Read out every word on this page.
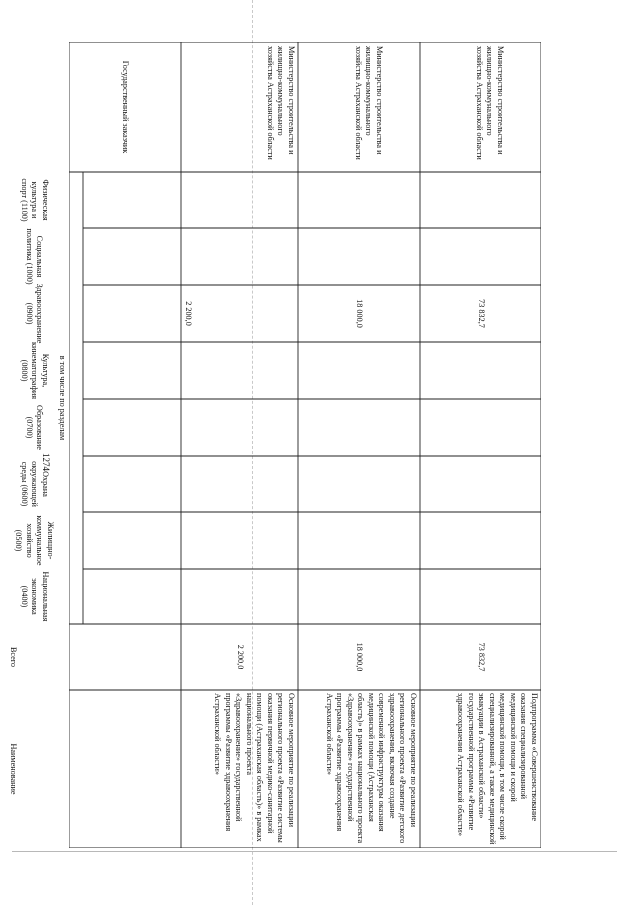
1274
Государственный заказчик
Физическая культура и спорт (1100)
Социальная политика (1000)
Здравоохранение (0900)
Культура, кинематография (0800)
Образование (0700)
Охрана окружающей среды (0600)
Жилищно-коммунальное хозяйство (0500)
Национальная экономика (0400)
в том числе по разделам
Всего
Наименование
Министерство строительства и жилищно-коммунального хозяйства Астраханской области
2 200,0
2 200,0
Основное мероприятие по реализации регионального проекта «Развитие системы оказания первичной медико-санитарной помощи (Астраханская область)» в рамках национального проекта «Здравоохранение» государственной программы «Развитие здравоохранения Астраханской области»
Министерство строительства и жилищно-коммунального хозяйства Астраханской области
18 000,0
18 000,0
Основное мероприятие по реализации регионального проекта «Развитие детского здравоохранения, включая создание современной инфраструктуры оказания медицинской помощи (Астраханская область)» в рамках национального проекта «Здравоохранение» государственной программы «Развитие здравоохранения Астраханской области»
Министерство строительства и жилищно-коммунального хозяйства Астраханской области
73 832,7
73 832,7
Подпрограмма «Совершенствование оказания специализированной медицинской помощи и скорой медицинской помощи, в том числе скорой специализированной, а также медицинской эвакуации в Астраханской области» государственной программы «Развитие здравоохранения Астраханской области»
